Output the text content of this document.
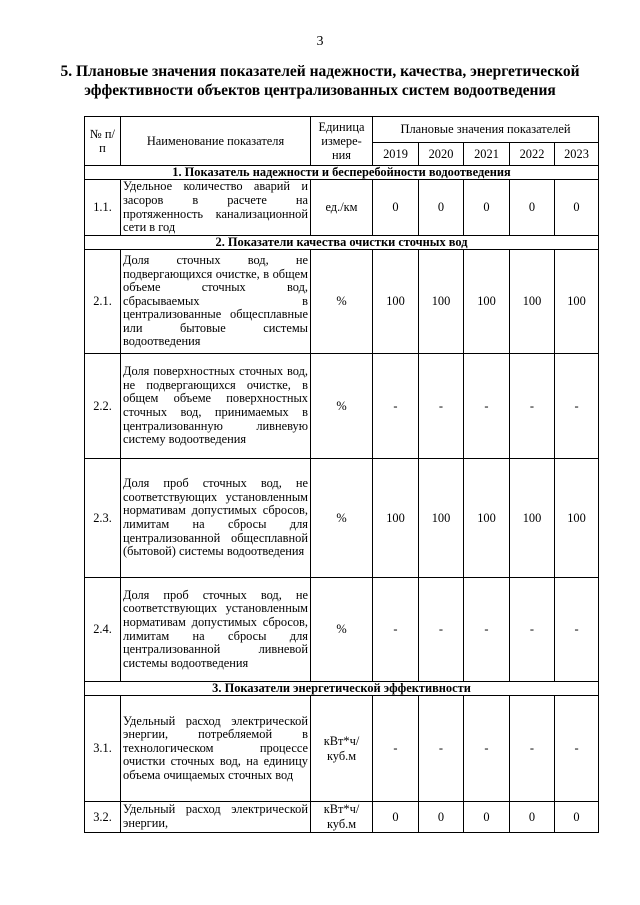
3
5. Плановые значения показателей надежности, качества, энергетической эффективности объектов централизованных систем водоотведения
№ п/п	Наименование показателя	Единица измере-ния	Плановые значения показателей				
			2019	2020	2021	2022	2023
1. Показатель надежности и бесперебойности водоотведения							
1.1.	Удельное количество аварий и засоров в расчете на протяженность канализационной сети в год	ед./км	0	0	0	0	0
2. Показатели качества очистки сточных вод							
2.1.	Доля сточных вод, не подвергающихся очистке, в общем объеме сточных вод, сбрасываемых в централизованные общесплавные или бытовые системы водоотведения	%	100	100	100	100	100
2.2.	Доля поверхностных сточных вод, не подвергающихся очистке, в общем объеме поверхностных сточных вод, принимаемых в централизованную ливневую систему водоотведения	%	-	-	-	-	-
2.3.	Доля проб сточных вод, не соответствующих установленным нормативам допустимых сбросов, лимитам на сбросы для централизованной общесплавной (бытовой) системы водоотведения	%	100	100	100	100	100
2.4.	Доля проб сточных вод, не соответствующих установленным нормативам допустимых сбросов, лимитам на сбросы для централизованной ливневой системы водоотведения	%	-	-	-	-	-
3. Показатели энергетической эффективности							
3.1.	Удельный расход электрической энергии, потребляемой в технологическом процессе очистки сточных вод, на единицу объема очищаемых сточных вод	кВт*ч/ куб.м	-	-	-	-	-
3.2.	Удельный расход электрической энергии,	кВт*ч/ куб.м	0	0	0	0	0
